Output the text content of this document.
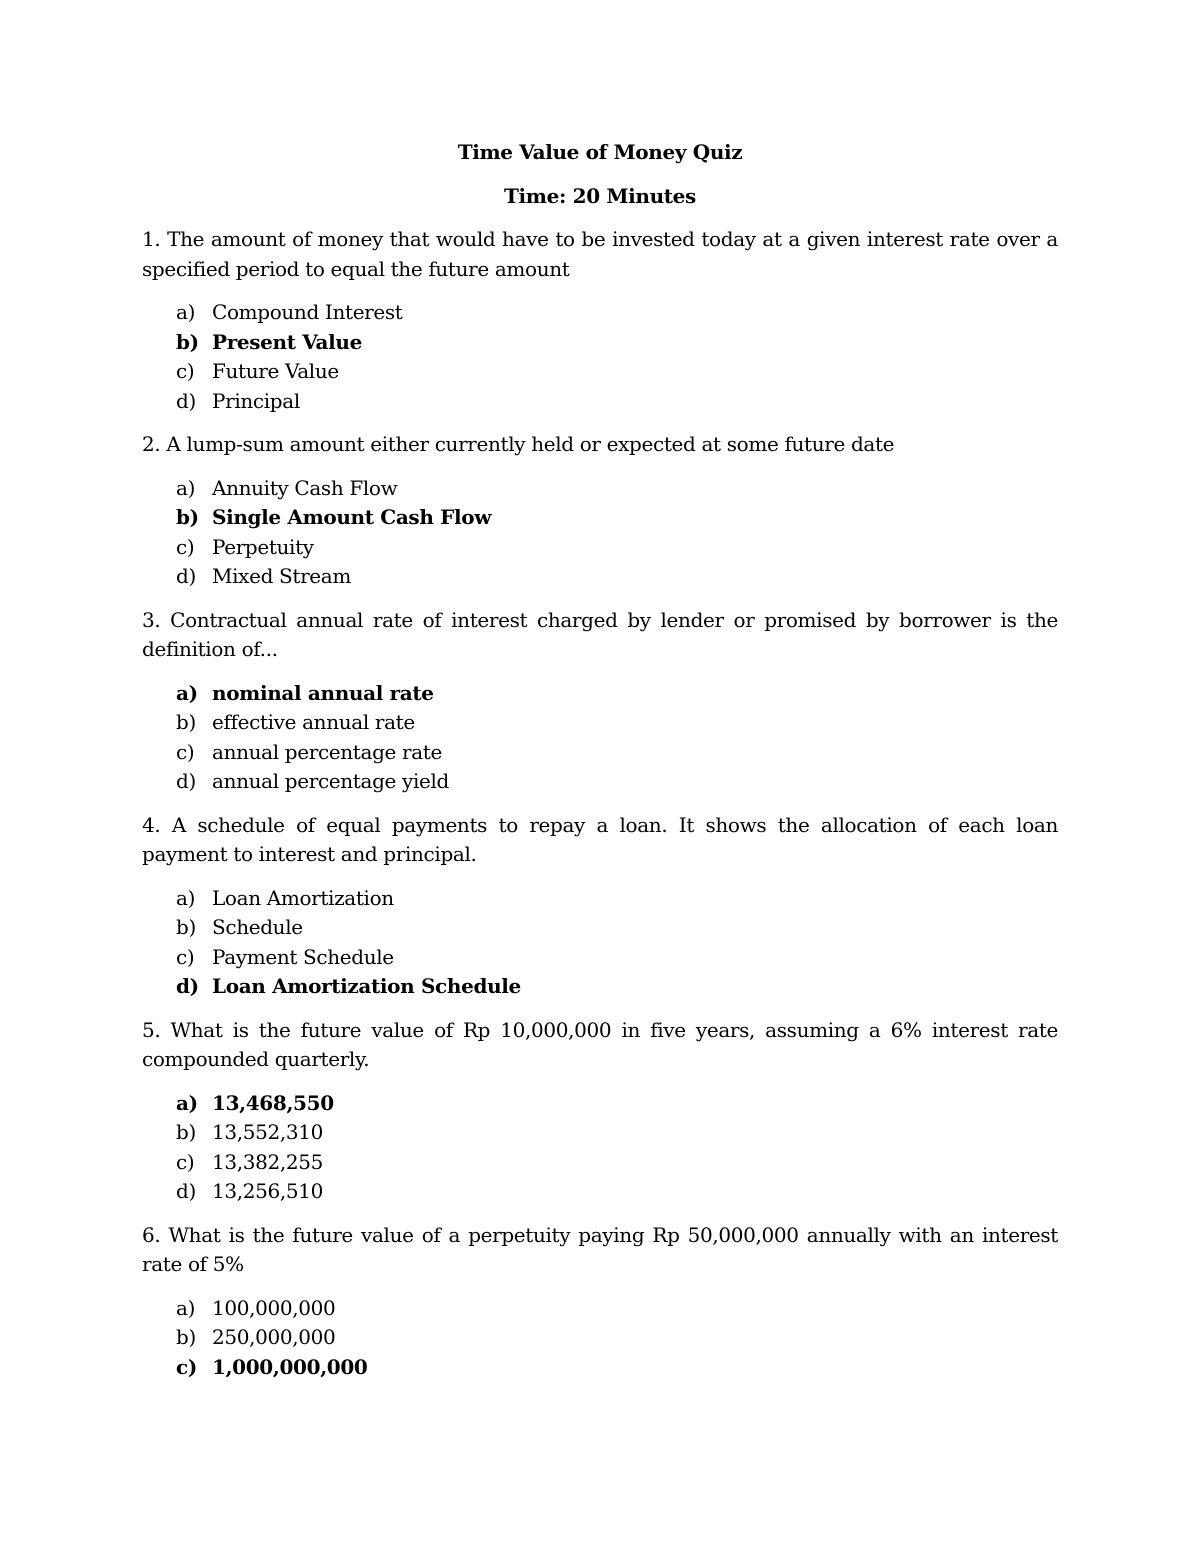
Time Value of Money Quiz
Time: 20 Minutes
1. The amount of money that would have to be invested today at a given interest rate over a specified period to equal the future amount
a) Compound Interest
b) Present Value
c) Future Value
d) Principal
2. A lump-sum amount either currently held or expected at some future date
a) Annuity Cash Flow
b) Single Amount Cash Flow
c) Perpetuity
d) Mixed Stream
3. Contractual annual rate of interest charged by lender or promised by borrower is the definition of...
a) nominal annual rate
b) effective annual rate
c) annual percentage rate
d) annual percentage yield
4. A schedule of equal payments to repay a loan. It shows the allocation of each loan payment to interest and principal.
a) Loan Amortization
b) Schedule
c) Payment Schedule
d) Loan Amortization Schedule
5. What is the future value of Rp 10,000,000 in five years, assuming a 6% interest rate compounded quarterly.
a) 13,468,550
b) 13,552,310
c) 13,382,255
d) 13,256,510
6. What is the future value of a perpetuity paying Rp 50,000,000 annually with an interest rate of 5%
a) 100,000,000
b) 250,000,000
c) 1,000,000,000
